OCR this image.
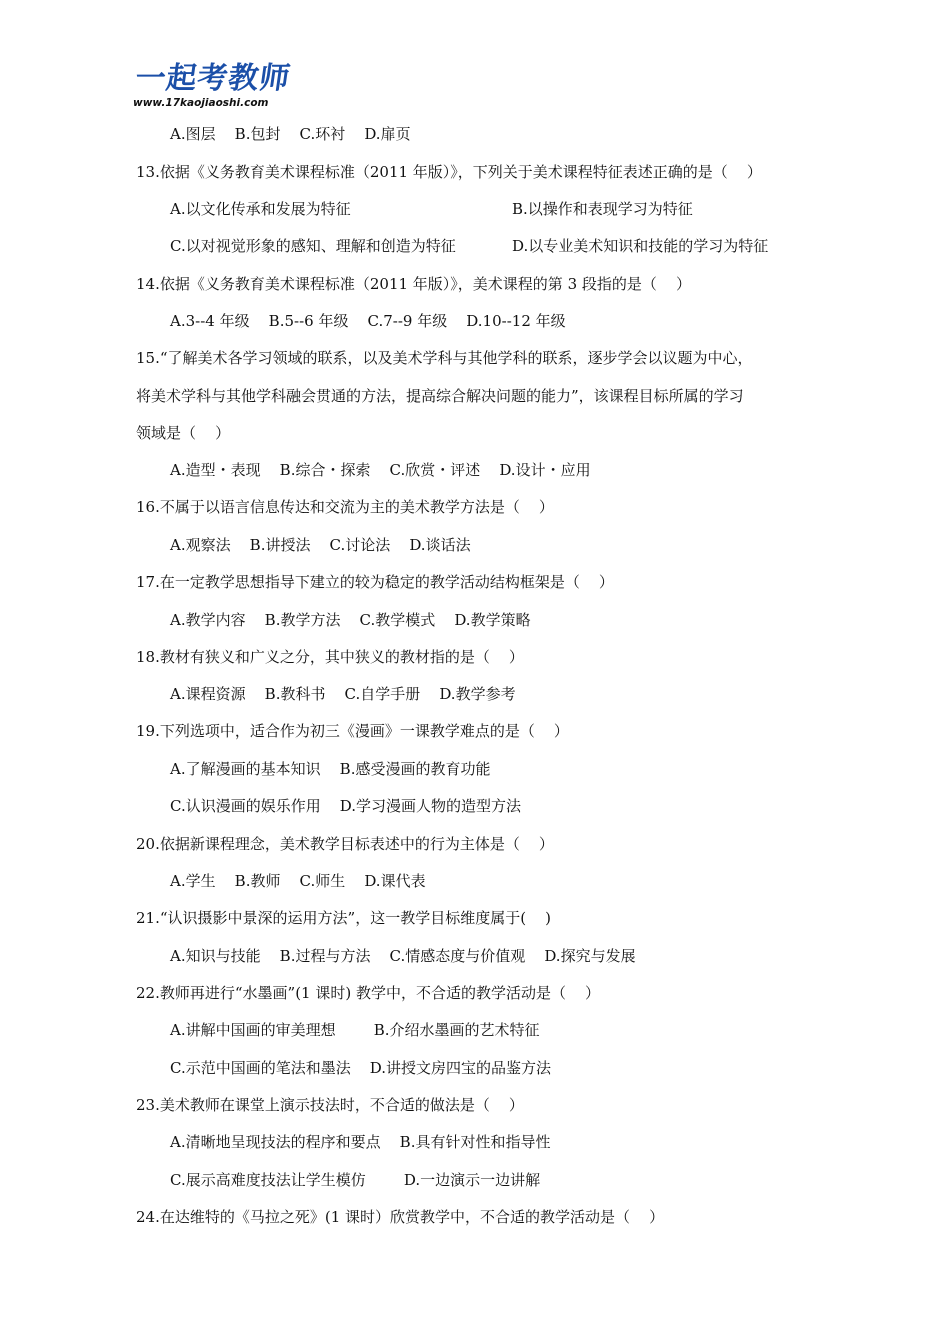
一起考教师
www.17kaojiaoshi.com
A.图层    B.包封    C.环衬    D.扉页
13.依据《义务教育美术课程标准（2011 年版）》，下列关于美术课程特征表述正确的是（    ）
A.以文化传承和发展为特征	B.以操作和表现学习为特征
C.以对视觉形象的感知、理解和创造为特征	D.以专业美术知识和技能的学习为特征
14.依据《义务教育美术课程标准（2011 年版）》，美术课程的第 3 段指的是（    ）
A.3--4 年级    B.5--6 年级    C.7--9 年级    D.10--12 年级
15.“了解美术各学习领域的联系，以及美术学科与其他学科的联系，逐步学会以议题为中心，
将美术学科与其他学科融会贯通的方法，提高综合解决问题的能力”，该课程目标所属的学习
领域是（    ）
A.造型・表现    B.综合・探索    C.欣赏・评述    D.设计・应用
16.不属于以语言信息传达和交流为主的美术教学方法是（    ）
A.观察法    B.讲授法    C.讨论法    D.谈话法
17.在一定教学思想指导下建立的较为稳定的教学活动结构框架是（    ）
A.教学内容    B.教学方法    C.教学模式    D.教学策略
18.教材有狭义和广义之分，其中狭义的教材指的是（    ）
A.课程资源    B.教科书    C.自学手册    D.教学参考
19.下列选项中，适合作为初三《漫画》一课教学难点的是（    ）
A.了解漫画的基本知识    B.感受漫画的教育功能
C.认识漫画的娱乐作用    D.学习漫画人物的造型方法
20.依据新课程理念，美术教学目标表述中的行为主体是（    ）
A.学生    B.教师    C.师生    D.课代表
21.“认识摄影中景深的运用方法”，这一教学目标维度属于(    )
A.知识与技能    B.过程与方法    C.情感态度与价值观    D.探究与发展
22.教师再进行“水墨画”(1 课时) 教学中，不合适的教学活动是（    ）
A.讲解中国画的审美理想        B.介绍水墨画的艺术特征
C.示范中国画的笔法和墨法    D.讲授文房四宝的品鉴方法
23.美术教师在课堂上演示技法时，不合适的做法是（    ）
A.清晰地呈现技法的程序和要点    B.具有针对性和指导性
C.展示高难度技法让学生模仿        D.一边演示一边讲解
24.在达维特的《马拉之死》(1 课时）欣赏教学中，不合适的教学活动是（    ）
